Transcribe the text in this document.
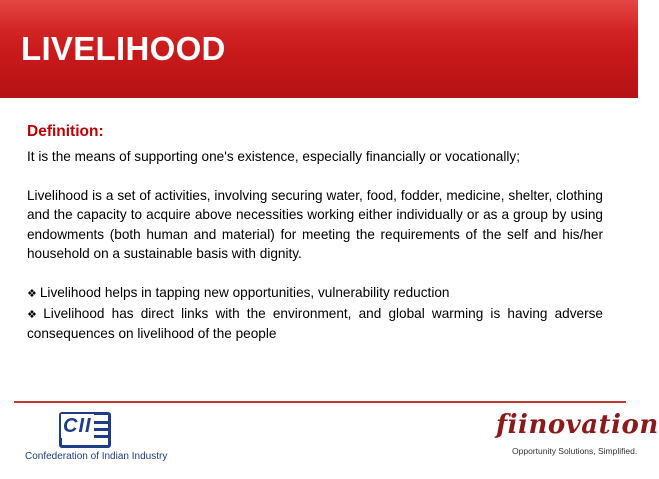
LIVELIHOOD

Definition:

It is the means of supporting one's existence, especially financially or vocationally;

Livelihood is a set of activities, involving securing water, food, fodder, medicine, shelter, clothing and the capacity to acquire above necessities working either individually or as a group by using endowments (both human and material) for meeting the requirements of the self and his/her household on a sustainable basis with dignity.

❖ Livelihood helps in tapping new opportunities, vulnerability reduction

❖ Livelihood has direct links with the environment, and global warming is having adverse consequences on livelihood of the people

CII
Confederation of Indian Industry
fiinovation
Opportunity Solutions, Simplified.
